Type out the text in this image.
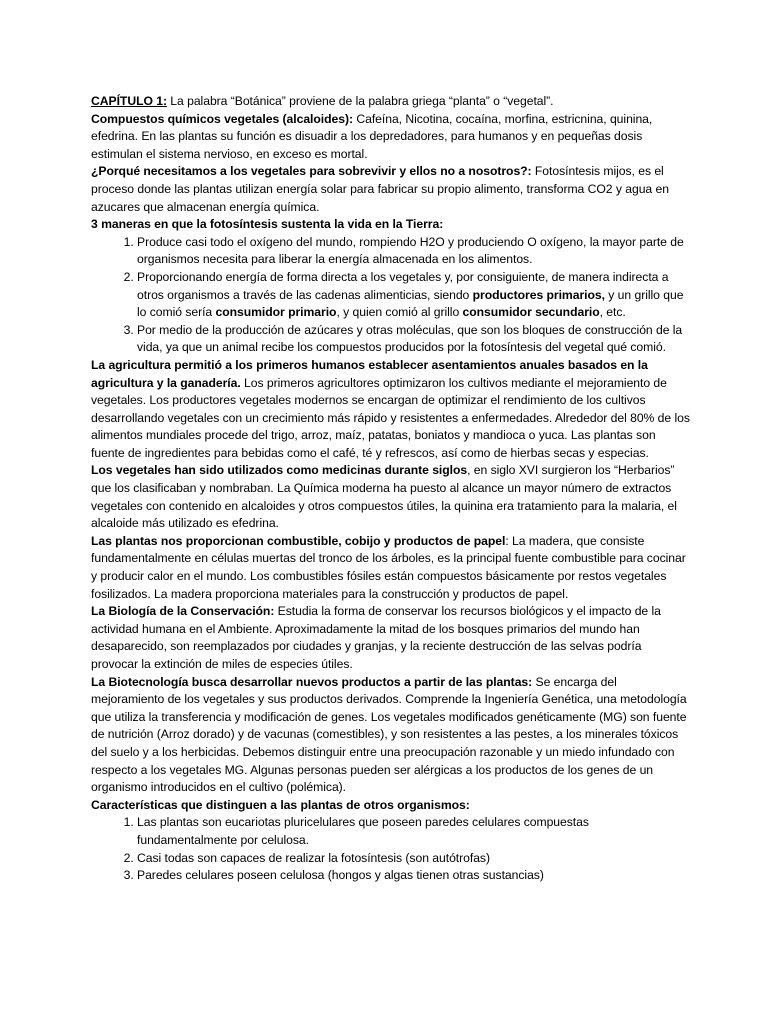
CAPÍTULO 1: La palabra “Botánica” proviene de la palabra griega “planta” o “vegetal”.

Compuestos químicos vegetales (alcaloides): Cafeína, Nicotina, cocaína, morfina, estricnina, quinina, efedrina. En las plantas su función es disuadir a los depredadores, para humanos y en pequeñas dosis estimulan el sistema nervioso, en exceso es mortal.

¿Porqué necesitamos a los vegetales para sobrevivir y ellos no a nosotros?: Fotosíntesis mijos, es el proceso donde las plantas utilizan energía solar para fabricar su propio alimento, transforma CO2 y agua en azucares que almacenan energía química.

3 maneras en que la fotosíntesis sustenta la vida en la Tierra:

1. Produce casi todo el oxígeno del mundo, rompiendo H2O y produciendo O oxígeno, la mayor parte de organismos necesita para liberar la energía almacenada en los alimentos.
2. Proporcionando energía de forma directa a los vegetales y, por consiguiente, de manera indirecta a otros organismos a través de las cadenas alimenticias, siendo productores primarios, y un grillo que lo comió sería consumidor primario, y quien comió al grillo consumidor secundario, etc.
3. Por medio de la producción de azúcares y otras moléculas, que son los bloques de construcción de la vida, ya que un animal recibe los compuestos producidos por la fotosíntesis del vegetal qué comió.

La agricultura permitió a los primeros humanos establecer asentamientos anuales basados en la agricultura y la ganadería. Los primeros agricultores optimizaron los cultivos mediante el mejoramiento de vegetales. Los productores vegetales modernos se encargan de optimizar el rendimiento de los cultivos desarrollando vegetales con un crecimiento más rápido y resistentes a enfermedades. Alrededor del 80% de los alimentos mundiales procede del trigo, arroz, maíz, patatas, boniatos y mandioca o yuca. Las plantas son fuente de ingredientes para bebidas como el café, té y refrescos, así como de hierbas secas y especias.

Los vegetales han sido utilizados como medicinas durante siglos, en siglo XVI surgieron los “Herbarios” que los clasificaban y nombraban. La Química moderna ha puesto al alcance un mayor número de extractos vegetales con contenido en alcaloides y otros compuestos útiles, la quinina era tratamiento para la malaria, el alcaloide más utilizado es efedrina.

Las plantas nos proporcionan combustible, cobijo y productos de papel: La madera, que consiste fundamentalmente en células muertas del tronco de los árboles, es la principal fuente combustible para cocinar y producir calor en el mundo. Los combustibles fósiles están compuestos básicamente por restos vegetales fosilizados. La madera proporciona materiales para la construcción y productos de papel.

La Biología de la Conservación: Estudia la forma de conservar los recursos biológicos y el impacto de la actividad humana en el Ambiente. Aproximadamente la mitad de los bosques primarios del mundo han desaparecido, son reemplazados por ciudades y granjas, y la reciente destrucción de las selvas podría provocar la extinción de miles de especies útiles.

La Biotecnología busca desarrollar nuevos productos a partir de las plantas: Se encarga del mejoramiento de los vegetales y sus productos derivados. Comprende la Ingeniería Genética, una metodología que utiliza la transferencia y modificación de genes. Los vegetales modificados genéticamente (MG) son fuente de nutrición (Arroz dorado) y de vacunas (comestibles), y son resistentes a las pestes, a los minerales tóxicos del suelo y a los herbicidas. Debemos distinguir entre una preocupación razonable y un miedo infundado con respecto a los vegetales MG. Algunas personas pueden ser alérgicas a los productos de los genes de un organismo introducidos en el cultivo (polémica).

Características que distinguen a las plantas de otros organismos:

1. Las plantas son eucariotas pluricelulares que poseen paredes celulares compuestas fundamentalmente por celulosa.
2. Casi todas son capaces de realizar la fotosíntesis (son autótrofas)
3. Paredes celulares poseen celulosa (hongos y algas tienen otras sustancias)
